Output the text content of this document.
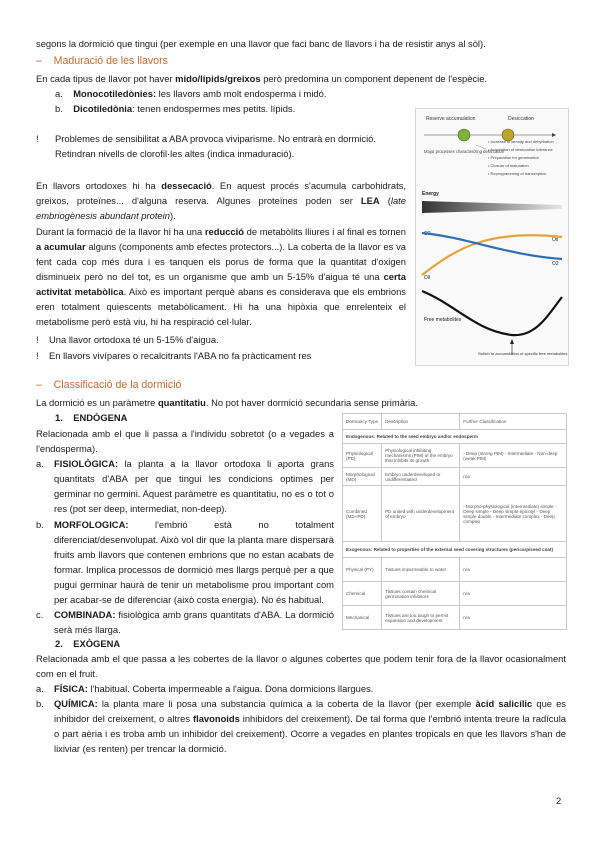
segons la dormició que tingui (per exemple en una llavor que faci banc de llavors i ha de resistir anys al sòl).
–    Maduració de les llavors
En cada tipus de llavor pot haver mido/lípids/greixos però predomina un component depenent de l'espècie.
a. Monocotiledònies: les llavors amb molt endosperma i midó.
b. Dicotiledònia: tenen endospermes mes petits. lípids.
! Problemes de sensibilitat a ABA provoca viviparisme. No entrarà en dormició.
Retindran nivells de clorofil·les altes (indica inmaduració).
En llavors ortodoxes hi ha dessecació. En aquest procés s'acumula carbohidrats, greixos, proteïnes... d'alguna reserva. Algunes proteïnes poden ser LEA (late embriogènesis abundant protein).
Durant la formació de la llavor hi ha una reducció de metabòlits lliures i al final es tornen a acumular alguns (components amb efectes protectors...). La coberta de la llavor es va fent cada cop més dura i es tanquen els porus de forma que la quantitat d'oxigen disminueix però no del tot, es un organisme que amb un 5-15% d'aigua té una certa activitat metabòlica. Això es important perquè abans es considerava que els embrions eren totalment quiescents metabòlicament. Hi ha una hipòxia que enrelenteix el metabolisme però està viu, hi ha respiració cel·lular.
! Una llavor ortodoxa té un 5-15% d'aigua.
! En llavors vivípares o recalcitrants l'ABA no fa pràcticament res
Reserve accumulation	Desiccation
Major processes characterizing desiccation
• Increase in density and dehydration
• Acquisition of desiccation tolerance
• Preparation for germination
• Closure of maturation
• Reprogramming of transcription
Energy
O2
Oil
O2
Oil
Free metabolites
Switch to accumulation of specific free metabolites
–    Classificació de la dormició
La dormició es un paràmetre quantitatiu. No pot haver dormició secundaria sense primària.
1. ENDÒGENA
Relacionada amb el que li passa a l'individu sobretot (o a vegades a l'endosperma).
a. FISIOLÒGICA: la planta a la llavor ortodoxa li aporta grans quantitats d'ABA per que tingui les condicions optimes per germinar no germini. Aquest paràmetre es quantitatiu, no es o tot o res (pot ser deep, intermediat, non-deep).
b. MORFOLOGICA: l'embrió està no totalment diferenciat/desenvolupat. Això vol dir que la planta mare dispersarà fruits amb llavors que contenen embrions que no estan acabats de formar. Implica processos de dormició mes llargs perquè per a que pugui germinar haurà de tenir un metabolisme prou important com per acabar-se de diferenciar (això costa energia). No és habitual.
c. COMBINADA: fisiològica amb grans quantitats d'ABA. La dormició serà més llarga.
2. EXÒGENA
Relacionada amb el que passa a les cobertes de la llavor o algunes cobertes que podem tenir fora de la llavor ocasionalment com en el fruit.
a. FÍSICA: l'habitual. Coberta impermeable a l'aigua. Dona dormicions llargues.
b. QUÍMICA: la planta mare li posa una substancia química a la coberta de la llavor (per exemple àcid salicílic que es inhibidor del creixement, o altres flavonoids inhibidors del creixement). De tal forma que l'embrió intenta treure la radícula o part aèria i es troba amb un inhibidor del creixement). Ocorre a vegades en plantes tropicals en que les llavors s'han de lixiviar (es renten) per trencar la dormició.
Dormancy Type	Description	Further Classification
Endogenous: Related to the seed embryo and/or endosperm		
Physiological (PD)	Physiological inhibiting mechanisms (PIM) of the embryo that inhibits its growth	- Deep (strong PIM) - Intermediate - Non-deep (weak PIM)
Morphological (MD)	Embryo underdeveloped or undifferentiated	n/a
Combined (MD+PD)	PD united with underdevelopment of embryo	- Morpho-physiological (intermediate) simple - Deep simple - Deep simple epicotyl - Deep simple double - Intermediate complex - Deep complex
Exogenous: Related to properties of the external seed covering structures (pericarp/seed coat)		
Physical (PY)	Tissues impermeable to water	n/a
Chemical	Tissues contain chemical germination inhibitors	n/a
Mechanical	Tissues are too tough to permit expansion and development	n/a
2
